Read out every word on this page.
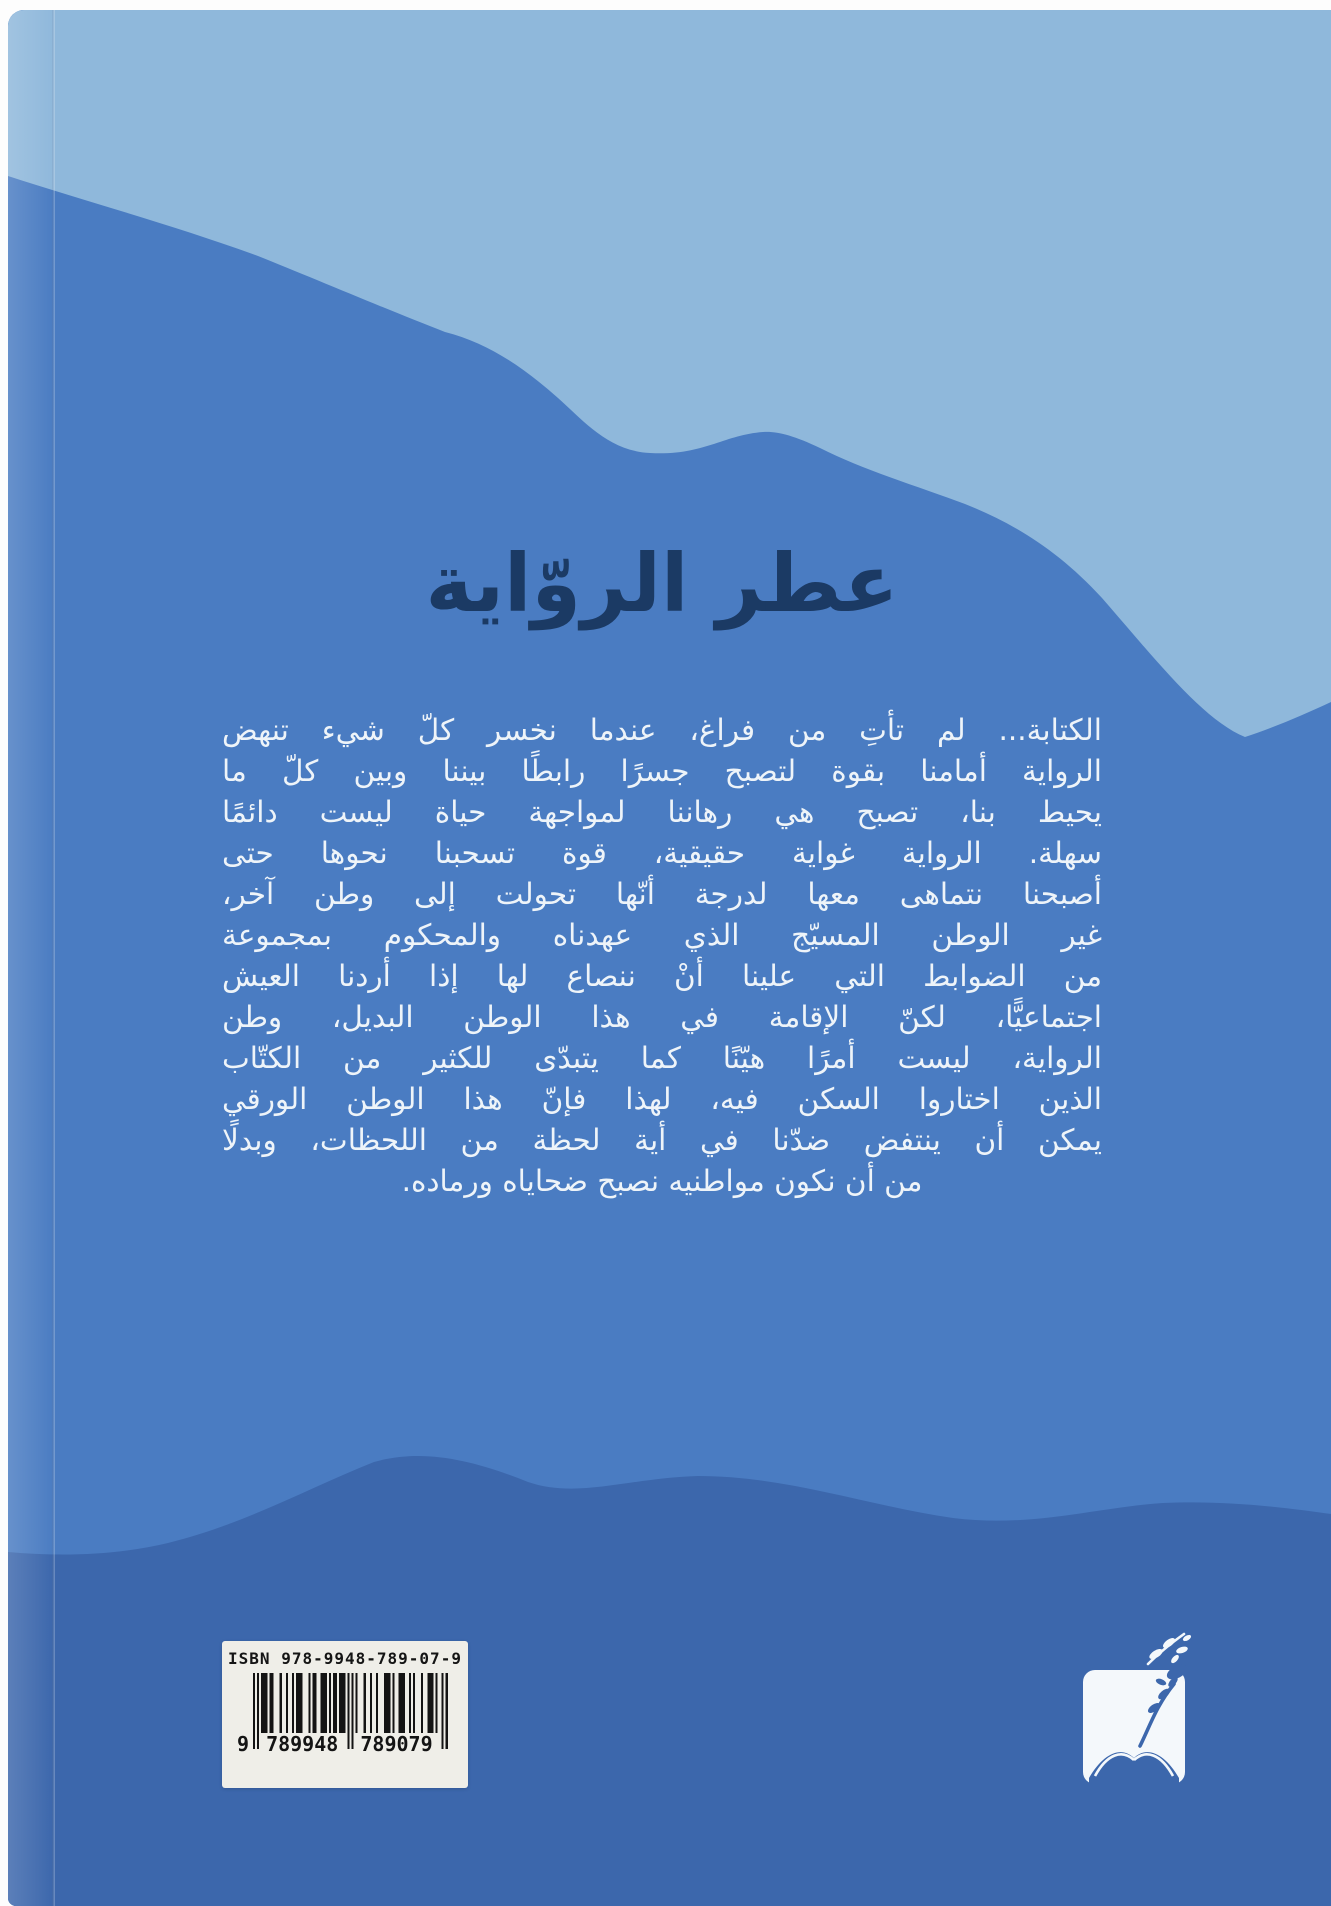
عطر الروّاية
الكتابة... لم تأتِ من فراغ، عندما نخسر كلّ شيء تنهض
الرواية أمامنا بقوة لتصبح جسرًا رابطًا بيننا وبين كلّ ما
يحيط بنا، تصبح هي رهاننا لمواجهة حياة ليست دائمًا
سهلة. الرواية غواية حقيقية، قوة تسحبنا نحوها حتى
أصبحنا نتماهى معها لدرجة أنّها تحولت إلى وطن آخر،
غير الوطن المسيّج الذي عهدناه والمحكوم بمجموعة
من الضوابط التي علينا أنْ ننصاع لها إذا أردنا العيش
اجتماعيًّا، لكنّ الإقامة في هذا الوطن البديل، وطن
الرواية، ليست أمرًا هيّنًا كما يتبدّى للكثير من الكتّاب
الذين اختاروا السكن فيه، لهذا فإنّ هذا الوطن الورقي
يمكن أن ينتفض ضدّنا في أية لحظة من اللحظات، وبدلًا
من أن نكون مواطنيه نصبح ضحاياه ورماده.
ISBN 978-9948-789-07-9
9 789948 789079
